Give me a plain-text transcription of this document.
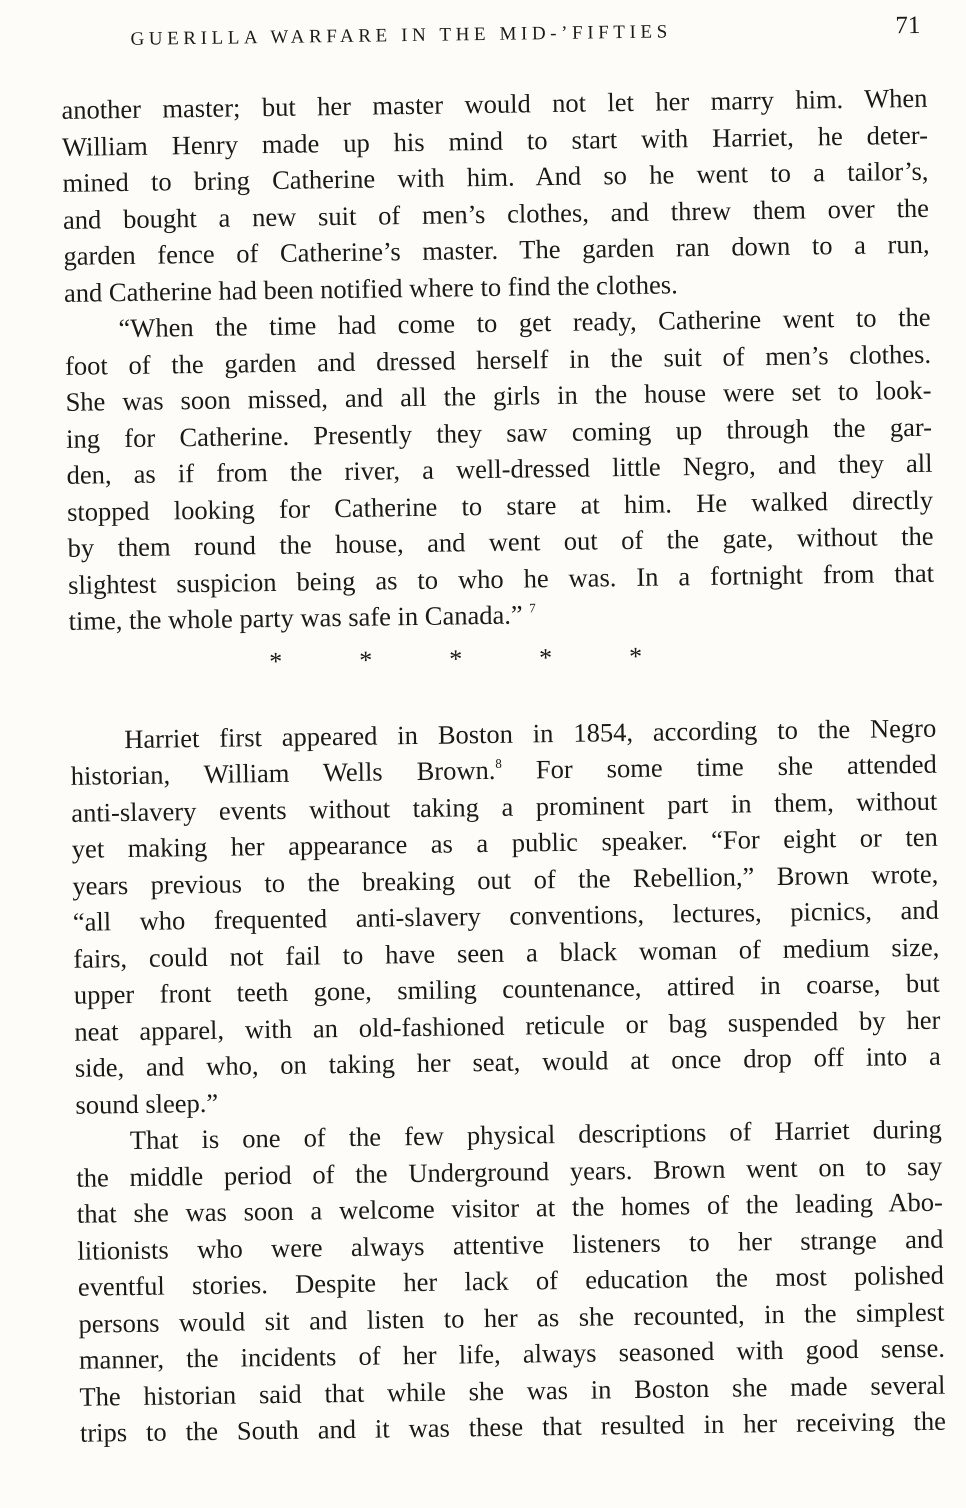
GUERILLA WARFARE IN THE MID-’FIFTIES	71
another master; but her master would not let her marry him. When
William Henry made up his mind to start with Harriet, he deter-
mined to bring Catherine with him. And so he went to a tailor’s,
and bought a new suit of men’s clothes, and threw them over the
garden fence of Catherine’s master. The garden ran down to a run,
and Catherine had been notified where to find the clothes.
“When the time had come to get ready, Catherine went to the
foot of the garden and dressed herself in the suit of men’s clothes.
She was soon missed, and all the girls in the house were set to look-
ing for Catherine. Presently they saw coming up through the gar-
den, as if from the river, a well-dressed little Negro, and they all
stopped looking for Catherine to stare at him. He walked directly
by them round the house, and went out of the gate, without the
slightest suspicion being as to who he was. In a fortnight from that
time, the whole party was safe in Canada.” $^7$
*	*	*	*	*
Harriet first appeared in Boston in 1854, according to the Negro
historian, William Wells Brown.$^8$ For some time she attended
anti-slavery events without taking a prominent part in them, without
yet making her appearance as a public speaker. “For eight or ten
years previous to the breaking out of the Rebellion,” Brown wrote,
“all who frequented anti-slavery conventions, lectures, picnics, and
fairs, could not fail to have seen a black woman of medium size,
upper front teeth gone, smiling countenance, attired in coarse, but
neat apparel, with an old-fashioned reticule or bag suspended by her
side, and who, on taking her seat, would at once drop off into a
sound sleep.”
That is one of the few physical descriptions of Harriet during
the middle period of the Underground years. Brown went on to say
that she was soon a welcome visitor at the homes of the leading Abo-
litionists who were always attentive listeners to her strange and
eventful stories. Despite her lack of education the most polished
persons would sit and listen to her as she recounted, in the simplest
manner, the incidents of her life, always seasoned with good sense.
The historian said that while she was in Boston she made several
trips to the South and it was these that resulted in her receiving the
